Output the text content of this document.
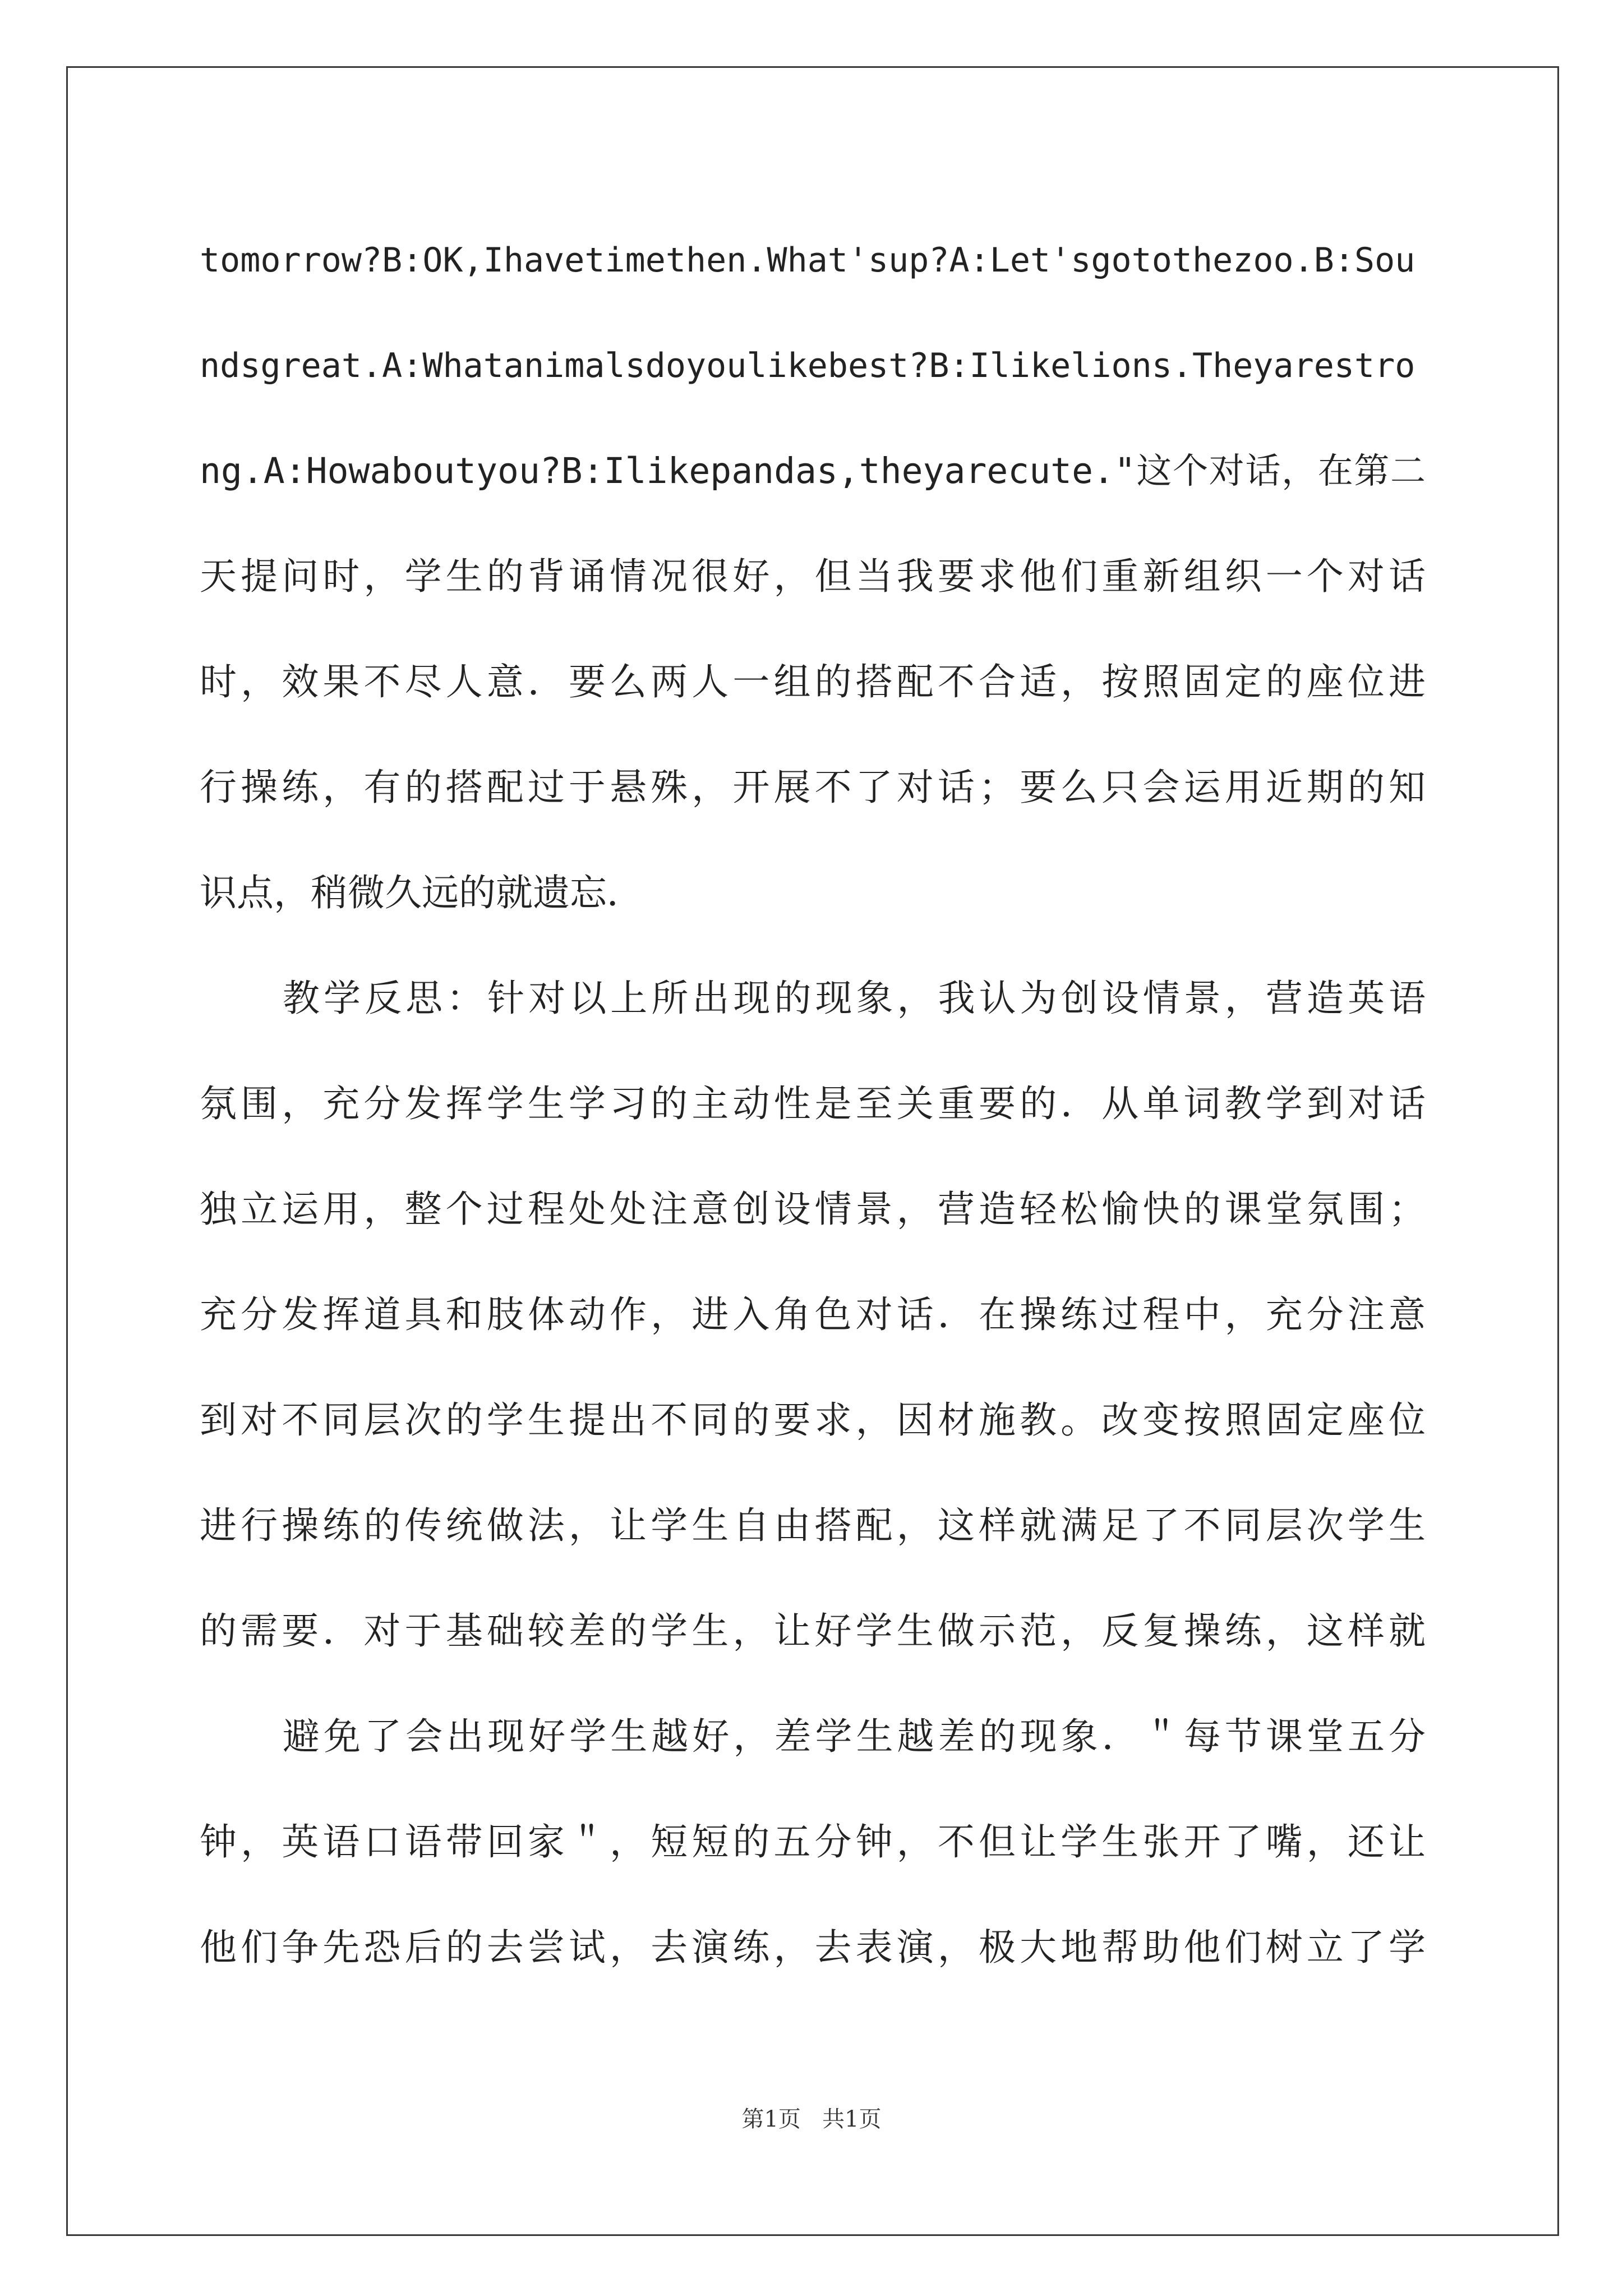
tomorrow?B:OK,Ihavetimethen.What'sup?A:Let'sgotothezoo.B:Sou
ndsgreat.A:Whatanimalsdoyoulikebest?B:Ilikelions.Theyarestro
ng.A:Howaboutyou?B:Ilikepandas,theyarecute."这个对话，在第二
天提问时，学生的背诵情况很好，但当我要求他们重新组织一个对话
时，效果不尽人意．要么两人一组的搭配不合适，按照固定的座位进
行操练，有的搭配过于悬殊，开展不了对话；要么只会运用近期的知
识点，稍微久远的就遗忘．
教学反思：针对以上所出现的现象，我认为创设情景，营造英语
氛围，充分发挥学生学习的主动性是至关重要的．从单词教学到对话
独立运用，整个过程处处注意创设情景，营造轻松愉快的课堂氛围；
充分发挥道具和肢体动作，进入角色对话．在操练过程中，充分注意
到对不同层次的学生提出不同的要求，因材施教。改变按照固定座位
进行操练的传统做法，让学生自由搭配，这样就满足了不同层次学生
的需要．对于基础较差的学生，让好学生做示范，反复操练，这样就
避免了会出现好学生越好，差学生越差的现象．＂每节课堂五分
钟，英语口语带回家＂，短短的五分钟，不但让学生张开了嘴，还让
他们争先恐后的去尝试，去演练，去表演，极大地帮助他们树立了学
第1页   共1页
